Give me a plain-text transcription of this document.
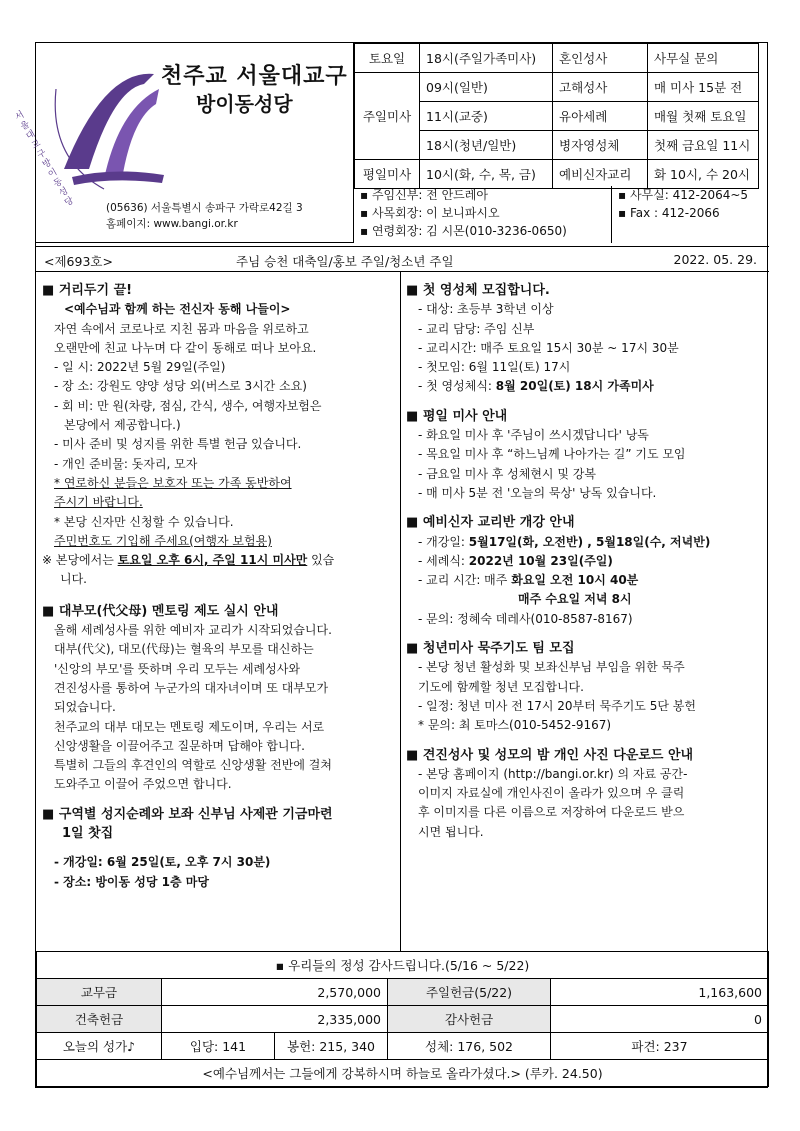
서울대교구 방이동 성당
천주교 서울대교구
방이동성당
(05636) 서울특별시 송파구 가락로42길 3
홈페이지: www.bangi.or.kr
토요일	18시(주일가족미사)	혼인성사	사무실 문의
주일미사	09시(일반)	고해성사	매 미사 15분 전
	11시(교중)	유아세례	매월 첫째 토요일
	18시(청년/일반)	병자영성체	첫째 금요일 11시
평일미사	10시(화, 수, 목, 금)	예비신자교리	화 10시, 수 20시
▪ 주임신부: 전 안드레아
▪ 사목회장: 이 보니파시오
▪ 연령회장: 김 시몬(010-3236-0650)
▪ 사무실: 412-2064~5
▪ Fax : 412-2066
<제693호>	주님 승천 대축일/홍보 주일/청소년 주일	2022. 05. 29.

■ 거리두기 끝!

<예수님과 함께 하는 전신자 동해 나들이>

자연 속에서 코로나로 지친 몸과 마음을 위로하고

오랜만에 친교 나누며 다 같이 동해로 떠나 보아요.

- 일 시: 2022년 5월 29일(주일)

- 장 소: 강원도 양양 성당 외(버스로 3시간 소요)

- 회 비: 만 원(차량, 점심, 간식, 생수, 여행자보험은

본당에서 제공합니다.)

- 미사 준비 및 성지를 위한 특별 헌금 있습니다.

- 개인 준비물: 돗자리, 모자

* 연로하신 분들은 보호자 또는 가족 동반하여

주시기 바랍니다.

* 본당 신자만 신청할 수 있습니다.

주민번호도 기입해 주세요(여행자 보험용)

※ 본당에서는 토요일 오후 6시, 주일 11시 미사만 있습

니다.

■ 대부모(代父母) 멘토링 제도 실시 안내

올해 세례성사를 위한 예비자 교리가 시작되었습니다.

대부(代父), 대모(代母)는 혈육의 부모를 대신하는

'신앙의 부모'를 뜻하며 우리 모두는 세례성사와

견진성사를 통하여 누군가의 대자녀이며 또 대부모가

되었습니다.

천주교의 대부 대모는 멘토링 제도이며, 우리는 서로

신앙생활을 이끌어주고 질문하며 답해야 합니다.

특별히 그들의 후견인의 역할로 신앙생활 전반에 걸쳐

도와주고 이끌어 주었으면 합니다.

■ 구역별 성지순례와 보좌 신부님 사제관 기금마련

1일 찻집

- 개강일: 6월 25일(토, 오후 7시 30분)

- 장소: 방이동 성당 1층 마당

■ 첫 영성체 모집합니다.

- 대상: 초등부 3학년 이상

- 교리 담당: 주임 신부

- 교리시간: 매주 토요일 15시 30분 ~ 17시 30분

- 첫모임: 6월 11일(토) 17시

- 첫 영성체식: 8월 20일(토) 18시 가족미사

■ 평일 미사 안내

- 화요일 미사 후 '주님이 쓰시겠답니다' 낭독

- 목요일 미사 후 “하느님께 나아가는 길” 기도 모임

- 금요일 미사 후 성체현시 및 강복

- 매 미사 5분 전 '오늘의 묵상' 낭독 있습니다.

■ 예비신자 교리반 개강 안내

- 개강일: 5월17일(화, 오전반) , 5월18일(수, 저녁반)

- 세례식: 2022년 10월 23일(주일)

- 교리 시간: 매주 화요일 오전 10시 40분

매주 수요일 저녁 8시

- 문의: 정혜숙 데레사(010-8587-8167)

■ 청년미사 묵주기도 팀 모집

- 본당 청년 활성화 및 보좌신부님 부임을 위한 묵주

기도에 함께할 청년 모집합니다.

- 일정: 청년 미사 전 17시 20부터 묵주기도 5단 봉헌

* 문의: 최 토마스(010-5452-9167)

■ 견진성사 및 성모의 밤 개인 사진 다운로드 안내

- 본당 홈페이지 (http://bangi.or.kr) 의 자료 공간-

이미지 자료실에 개인사진이 올라가 있으며 우 클릭

후 이미지를 다른 이름으로 저장하여 다운로드 받으

시면 됩니다.

▪ 우리들의 정성 감사드립니다.(5/16 ~ 5/22)				
교무금	2,570,000		주일헌금(5/22)	1,163,600
건축헌금	2,335,000		감사헌금	0
오늘의 성가♪	입당: 141	봉헌: 215, 340	성체: 176, 502	파견: 237
<예수님께서는 그들에게 강복하시며 하늘로 올라가셨다.> (루카. 24.50)				
